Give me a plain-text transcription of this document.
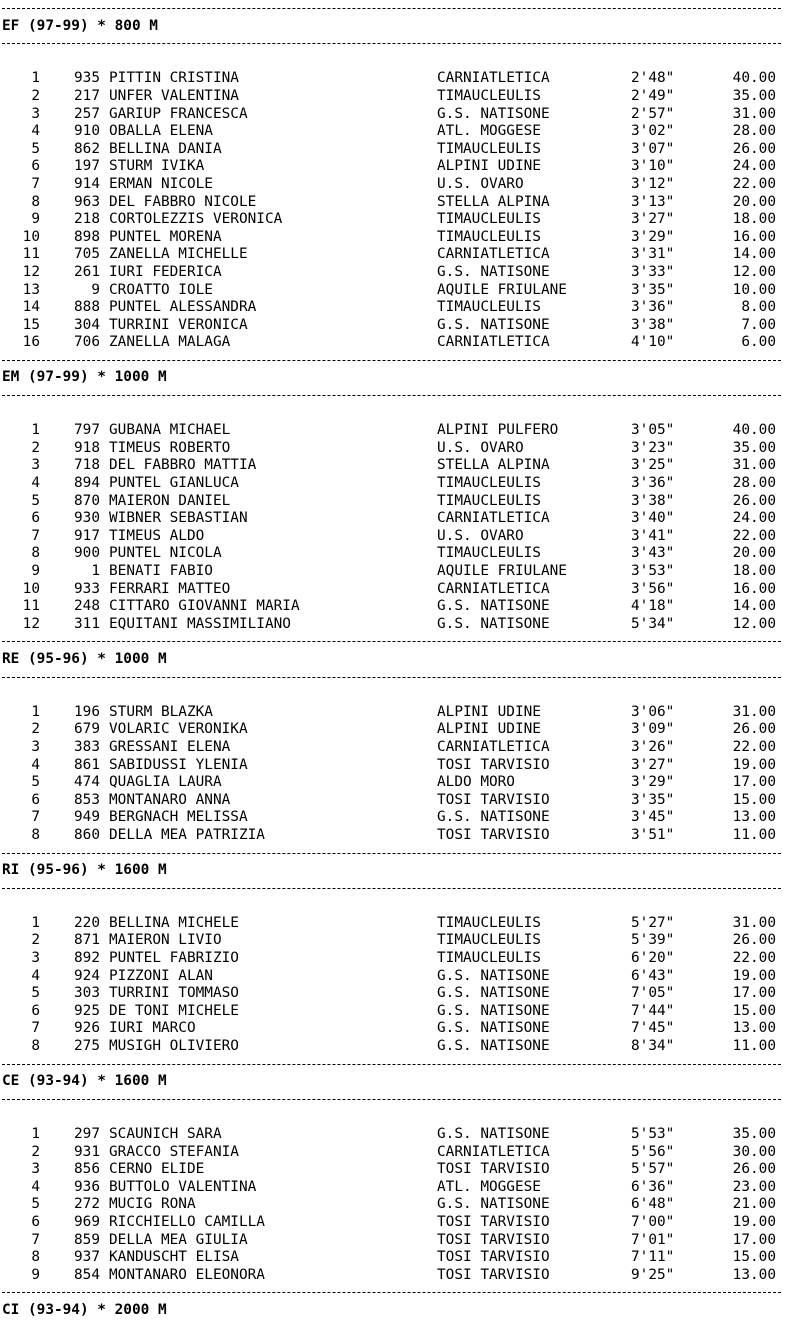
EF (97-99) * 800 M
1	935 PITTIN CRISTINA	CARNIATLETICA	2'48"	40.00
2	217 UNFER VALENTINA	TIMAUCLEULIS	2'49"	35.00
3	257 GARIUP FRANCESCA	G.S. NATISONE	2'57"	31.00
4	910 OBALLA ELENA	ATL. MOGGESE	3'02"	28.00
5	862 BELLINA DANIA	TIMAUCLEULIS	3'07"	26.00
6	197 STURM IVIKA	ALPINI UDINE	3'10"	24.00
7	914 ERMAN NICOLE	U.S. OVARO	3'12"	22.00
8	963 DEL FABBRO NICOLE	STELLA ALPINA	3'13"	20.00
9	218 CORTOLEZZIS VERONICA	TIMAUCLEULIS	3'27"	18.00
10	898 PUNTEL MORENA	TIMAUCLEULIS	3'29"	16.00
11	705 ZANELLA MICHELLE	CARNIATLETICA	3'31"	14.00
12	261 IURI FEDERICA	G.S. NATISONE	3'33"	12.00
13	9 CROATTO IOLE	AQUILE FRIULANE	3'35"	10.00
14	888 PUNTEL ALESSANDRA	TIMAUCLEULIS	3'36"	8.00
15	304 TURRINI VERONICA	G.S. NATISONE	3'38"	7.00
16	706 ZANELLA MALAGA	CARNIATLETICA	4'10"	6.00
EM (97-99) * 1000 M
1	797 GUBANA MICHAEL	ALPINI PULFERO	3'05"	40.00
2	918 TIMEUS ROBERTO	U.S. OVARO	3'23"	35.00
3	718 DEL FABBRO MATTIA	STELLA ALPINA	3'25"	31.00
4	894 PUNTEL GIANLUCA	TIMAUCLEULIS	3'36"	28.00
5	870 MAIERON DANIEL	TIMAUCLEULIS	3'38"	26.00
6	930 WIBNER SEBASTIAN	CARNIATLETICA	3'40"	24.00
7	917 TIMEUS ALDO	U.S. OVARO	3'41"	22.00
8	900 PUNTEL NICOLA	TIMAUCLEULIS	3'43"	20.00
9	1 BENATI FABIO	AQUILE FRIULANE	3'53"	18.00
10	933 FERRARI MATTEO	CARNIATLETICA	3'56"	16.00
11	248 CITTARO GIOVANNI MARIA	G.S. NATISONE	4'18"	14.00
12	311 EQUITANI MASSIMILIANO	G.S. NATISONE	5'34"	12.00
RE (95-96) * 1000 M
1	196 STURM BLAZKA	ALPINI UDINE	3'06"	31.00
2	679 VOLARIC VERONIKA	ALPINI UDINE	3'09"	26.00
3	383 GRESSANI ELENA	CARNIATLETICA	3'26"	22.00
4	861 SABIDUSSI YLENIA	TOSI TARVISIO	3'27"	19.00
5	474 QUAGLIA LAURA	ALDO MORO	3'29"	17.00
6	853 MONTANARO ANNA	TOSI TARVISIO	3'35"	15.00
7	949 BERGNACH MELISSA	G.S. NATISONE	3'45"	13.00
8	860 DELLA MEA PATRIZIA	TOSI TARVISIO	3'51"	11.00
RI (95-96) * 1600 M
1	220 BELLINA MICHELE	TIMAUCLEULIS	5'27"	31.00
2	871 MAIERON LIVIO	TIMAUCLEULIS	5'39"	26.00
3	892 PUNTEL FABRIZIO	TIMAUCLEULIS	6'20"	22.00
4	924 PIZZONI ALAN	G.S. NATISONE	6'43"	19.00
5	303 TURRINI TOMMASO	G.S. NATISONE	7'05"	17.00
6	925 DE TONI MICHELE	G.S. NATISONE	7'44"	15.00
7	926 IURI MARCO	G.S. NATISONE	7'45"	13.00
8	275 MUSIGH OLIVIERO	G.S. NATISONE	8'34"	11.00
CE (93-94) * 1600 M
1	297 SCAUNICH SARA	G.S. NATISONE	5'53"	35.00
2	931 GRACCO STEFANIA	CARNIATLETICA	5'56"	30.00
3	856 CERNO ELIDE	TOSI TARVISIO	5'57"	26.00
4	936 BUTTOLO VALENTINA	ATL. MOGGESE	6'36"	23.00
5	272 MUCIG RONA	G.S. NATISONE	6'48"	21.00
6	969 RICCHIELLO CAMILLA	TOSI TARVISIO	7'00"	19.00
7	859 DELLA MEA GIULIA	TOSI TARVISIO	7'01"	17.00
8	937 KANDUSCHT ELISA	TOSI TARVISIO	7'11"	15.00
9	854 MONTANARO ELEONORA	TOSI TARVISIO	9'25"	13.00
CI (93-94) * 2000 M
